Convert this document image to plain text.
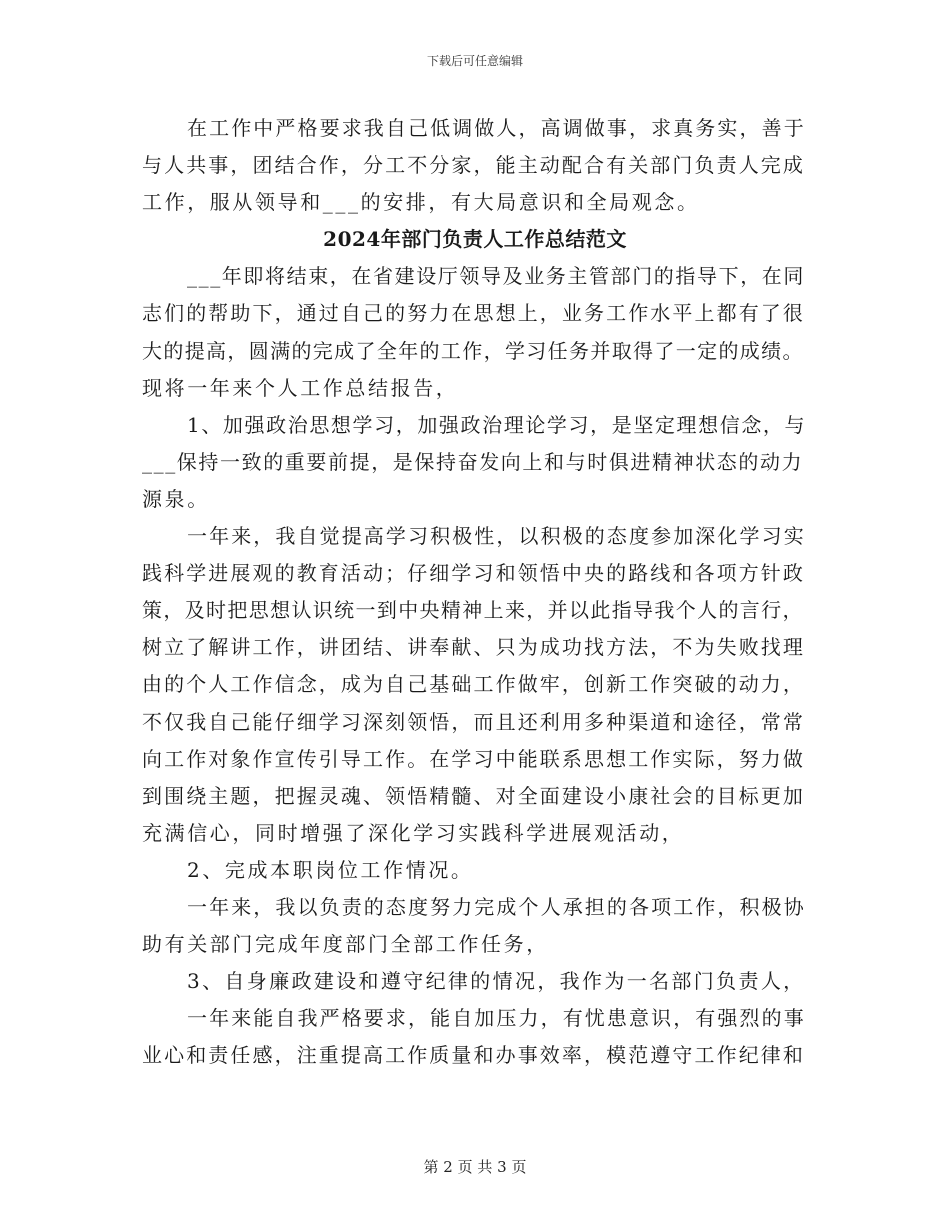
下载后可任意编辑
在工作中严格要求我自己低调做人，高调做事，求真务实，善于
与人共事，团结合作，分工不分家，能主动配合有关部门负责人完成
工作，服从领导和___的安排，有大局意识和全局观念。
2024年部门负责人工作总结范文
___年即将结束，在省建设厅领导及业务主管部门的指导下，在同
志们的帮助下，通过自己的努力在思想上，业务工作水平上都有了很
大的提高，圆满的完成了全年的工作，学习任务并取得了一定的成绩。
现将一年来个人工作总结报告，
1、加强政治思想学习，加强政治理论学习，是坚定理想信念，与
___保持一致的重要前提，是保持奋发向上和与时俱进精神状态的动力
源泉。
一年来，我自觉提高学习积极性，以积极的态度参加深化学习实
践科学进展观的教育活动；仔细学习和领悟中央的路线和各项方针政
策，及时把思想认识统一到中央精神上来，并以此指导我个人的言行，
树立了解讲工作，讲团结、讲奉献、只为成功找方法，不为失败找理
由的个人工作信念，成为自己基础工作做牢，创新工作突破的动力，
不仅我自己能仔细学习深刻领悟，而且还利用多种渠道和途径，常常
向工作对象作宣传引导工作。在学习中能联系思想工作实际，努力做
到围绕主题，把握灵魂、领悟精髓、对全面建设小康社会的目标更加
充满信心，同时增强了深化学习实践科学进展观活动，
2、完成本职岗位工作情况。
一年来，我以负责的态度努力完成个人承担的各项工作，积极协
助有关部门完成年度部门全部工作任务，
3、自身廉政建设和遵守纪律的情况，我作为一名部门负责人，
一年来能自我严格要求，能自加压力，有忧患意识，有强烈的事
业心和责任感，注重提高工作质量和办事效率，模范遵守工作纪律和
第 2 页 共 3 页
